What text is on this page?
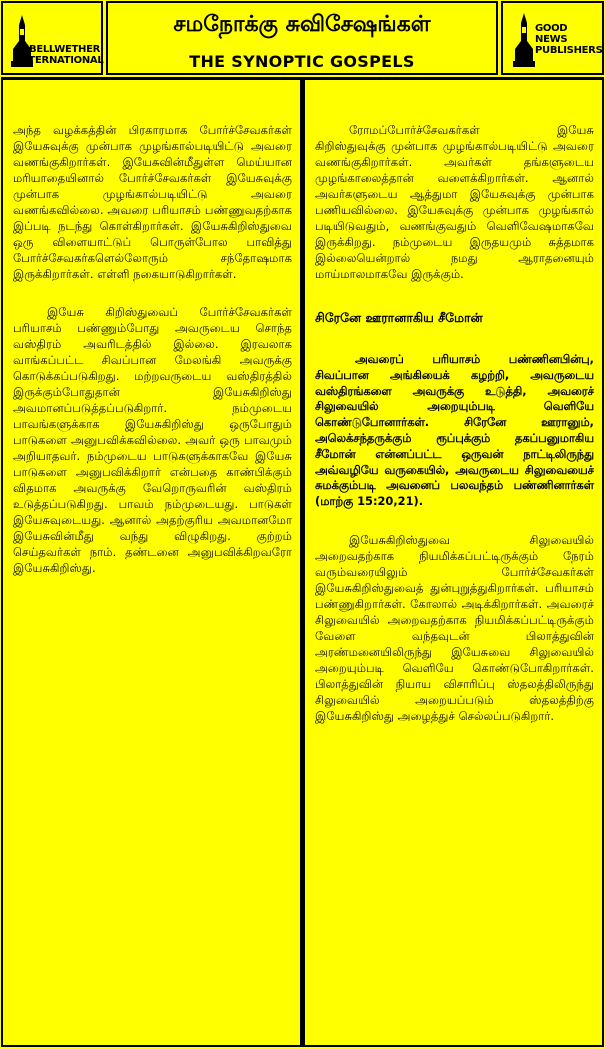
BELLWETHER
INTERNATIONAL
சமநோக்கு சுவிசேஷங்கள்
THE SYNOPTIC GOSPELS
GOOD NEWS
PUBLISHERS

அந்த வழக்கத்தின் பிரகாரமாக போர்ச்சேவகர்கள் இயேசுவுக்கு முன்பாக முழங்கால்படியிட்டு அவரை வணங்குகிறார்கள். இயேசுவின்மீதுள்ள மெய்யான மரியாதையினால் போர்ச்சேவகர்கள் இயேசுவுக்கு முன்பாக முழங்கால்படியிட்டு அவரை வணங்கவில்லை. அவரை பரியாசம் பண்ணுவதற்காக இப்படி நடந்து கொள்கிறார்கள். இயேசுகிறிஸ்துவை ஒரு விளையாட்டுப் பொருள்போல பாவித்து போர்ச்சேவகர்களெல்லோரும் சந்தோஷமாக இருக்கிறார்கள். எள்ளி நகையாடுகிறார்கள்.

இயேசு கிறிஸ்துவைப் போர்ச்சேவகர்கள் பரியாசம் பண்ணும்போது அவருடைய சொந்த வஸ்திரம் அவரிடத்தில் இல்லை. இரவலாக வாங்கப்பட்ட சிவப்பான மேலங்கி அவருக்கு கொடுக்கப்படுகிறது. மற்றவருடைய வஸ்திரத்தில் இருக்கும்போதுதான் இயேசுகிறிஸ்து அவமானப்படுத்தப்படுகிறார். நம்முடைய பாவங்களுக்காக இயேசுகிறிஸ்து ஒருபோதும் பாடுகளை அனுபவிக்கவில்லை. அவர் ஒரு பாவமும் அறியாதவர். நம்முடைய பாடுகளுக்காகவே இயேசு பாடுகளை அனுபவிக்கிறார் என்பதை காண்பிக்கும் விதமாக அவருக்கு வேறொருவரின் வஸ்திரம் உடுத்தப்படுகிறது. பாவம் நம்முடையது. பாடுகள் இயேசுவுடையது. ஆனால் அதற்குரிய அவமானமோ இயேசுவின்மீது வந்து விழுகிறது. குற்றம் செய்தவர்கள் நாம். தண்டனை அனுபவிக்கிறவரோ இயேசுகிறிஸ்து.

ரோமப்போர்ச்சேவகர்கள் இயேசு கிறிஸ்துவுக்கு முன்பாக முழங்கால்படியிட்டு அவரை வணங்குகிறார்கள். அவர்கள் தங்களுடைய முழங்காலைத்தான் வளைக்கிறார்கள். ஆனால் அவர்களுடைய ஆத்துமா இயேசுவுக்கு முன்பாக பணியவில்லை. இயேசுவுக்கு முன்பாக முழங்கால் படியிடுவதும், வணங்குவதும் வெளிவேஷமாகவே இருக்கிறது. நம்முடைய இருதயமும் சுத்தமாக இல்லையென்றால் நமது ஆராதனையும் மாய்மாலமாகவே இருக்கும்.

சிரேனே ஊரானாகிய சீமோன்

அவரைப் பரியாசம் பண்ணினபின்பு, சிவப்பான அங்கியைக் கழற்றி, அவருடைய வஸ்திரங்களை அவருக்கு உடுத்தி, அவரைச் சிலுவையில் அறையும்படி வெளியே கொண்டுபோனார்கள். சிரேனே ஊரானும், அலெக்சந்தருக்கும் ரூப்புக்கும் தகப்பனுமாகிய சீமோன் என்னப்பட்ட ஒருவன் நாட்டிலிருந்து அவ்வழியே வருகையில், அவருடைய சிலுவையைச் சுமக்கும்படி அவனைப் பலவந்தம் பண்ணினார்கள் (மாற்கு 15:20,21).

இயேசுகிறிஸ்துவை சிலுவையில் அறைவதற்காக நியமிக்கப்பட்டிருக்கும் நேரம் வரும்வரையிலும் போர்ச்சேவகர்கள் இயேசுகிறிஸ்துவைத் துன்புறுத்துகிறார்கள். பரியாசம் பண்ணுகிறார்கள். கோலால் அடிக்கிறார்கள். அவரைச் சிலுவையில் அறைவதற்காக நியமிக்கப்பட்டிருக்கும் வேளை வந்தவுடன் பிலாத்துவின் அரண்மனையிலிருந்து இயேசுவை சிலுவையில் அறையும்படி வெளியே கொண்டுபோகிறார்கள். பிலாத்துவின் நியாய விசாரிப்பு ஸ்தலத்திலிருந்து சிலுவையில் அறையப்படும் ஸ்தலத்திற்கு இயேசுகிறிஸ்து அழைத்துச் செல்லப்படுகிறார்.
